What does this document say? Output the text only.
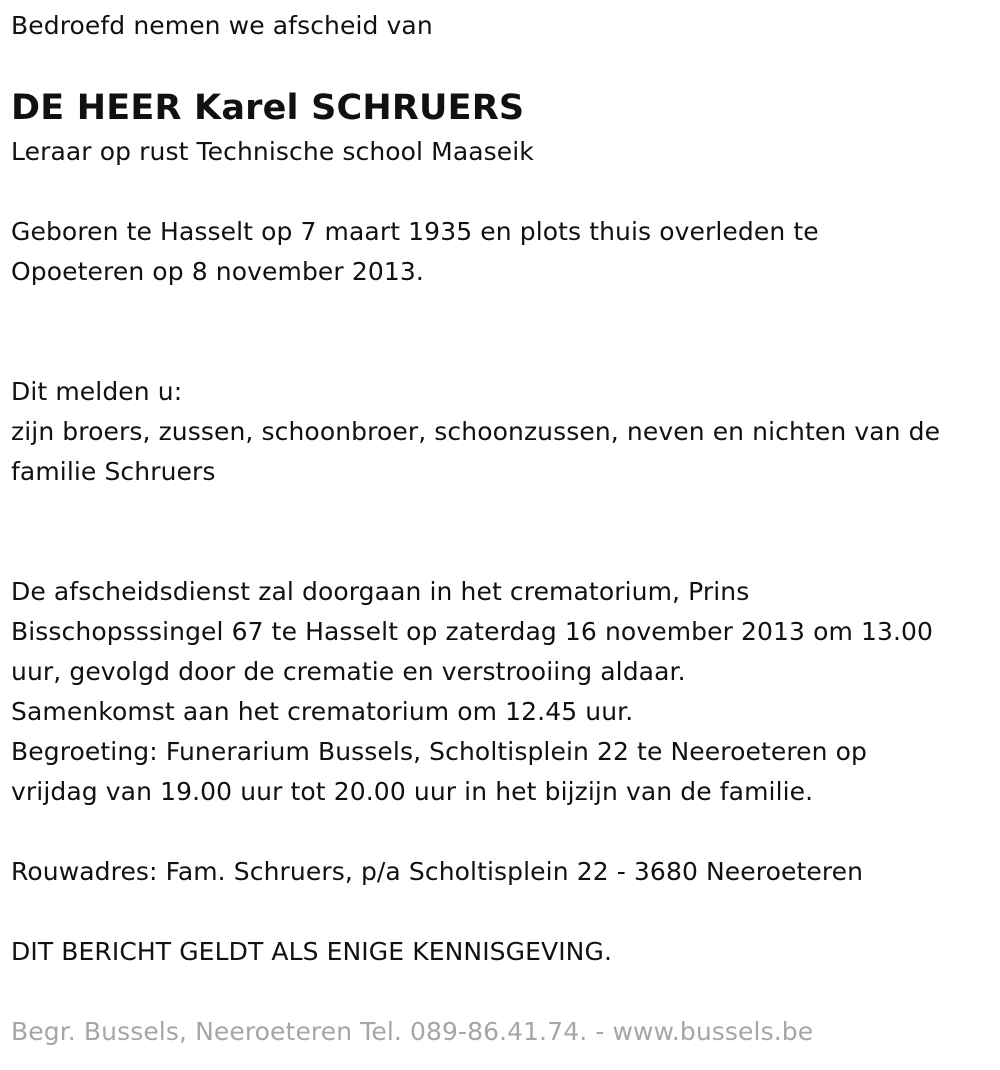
Bedroefd nemen we afscheid van
DE HEER Karel SCHRUERS
Leraar op rust Technische school Maaseik
Geboren te Hasselt op 7 maart 1935 en plots thuis overleden te
Opoeteren op 8 november 2013.
Dit melden u:
zijn broers, zussen, schoonbroer, schoonzussen, neven en nichten van de
familie Schruers
De afscheidsdienst zal doorgaan in het crematorium, Prins
Bisschopsssingel 67 te Hasselt op zaterdag 16 november 2013 om 13.00
uur, gevolgd door de crematie en verstrooiing aldaar.
Samenkomst aan het crematorium om 12.45 uur.
Begroeting: Funerarium Bussels, Scholtisplein 22 te Neeroeteren op
vrijdag van 19.00 uur tot 20.00 uur in het bijzijn van de familie.
Rouwadres: Fam. Schruers, p/a Scholtisplein 22 - 3680 Neeroeteren
DIT BERICHT GELDT ALS ENIGE KENNISGEVING.
Begr. Bussels, Neeroeteren Tel. 089-86.41.74. - www.bussels.be
